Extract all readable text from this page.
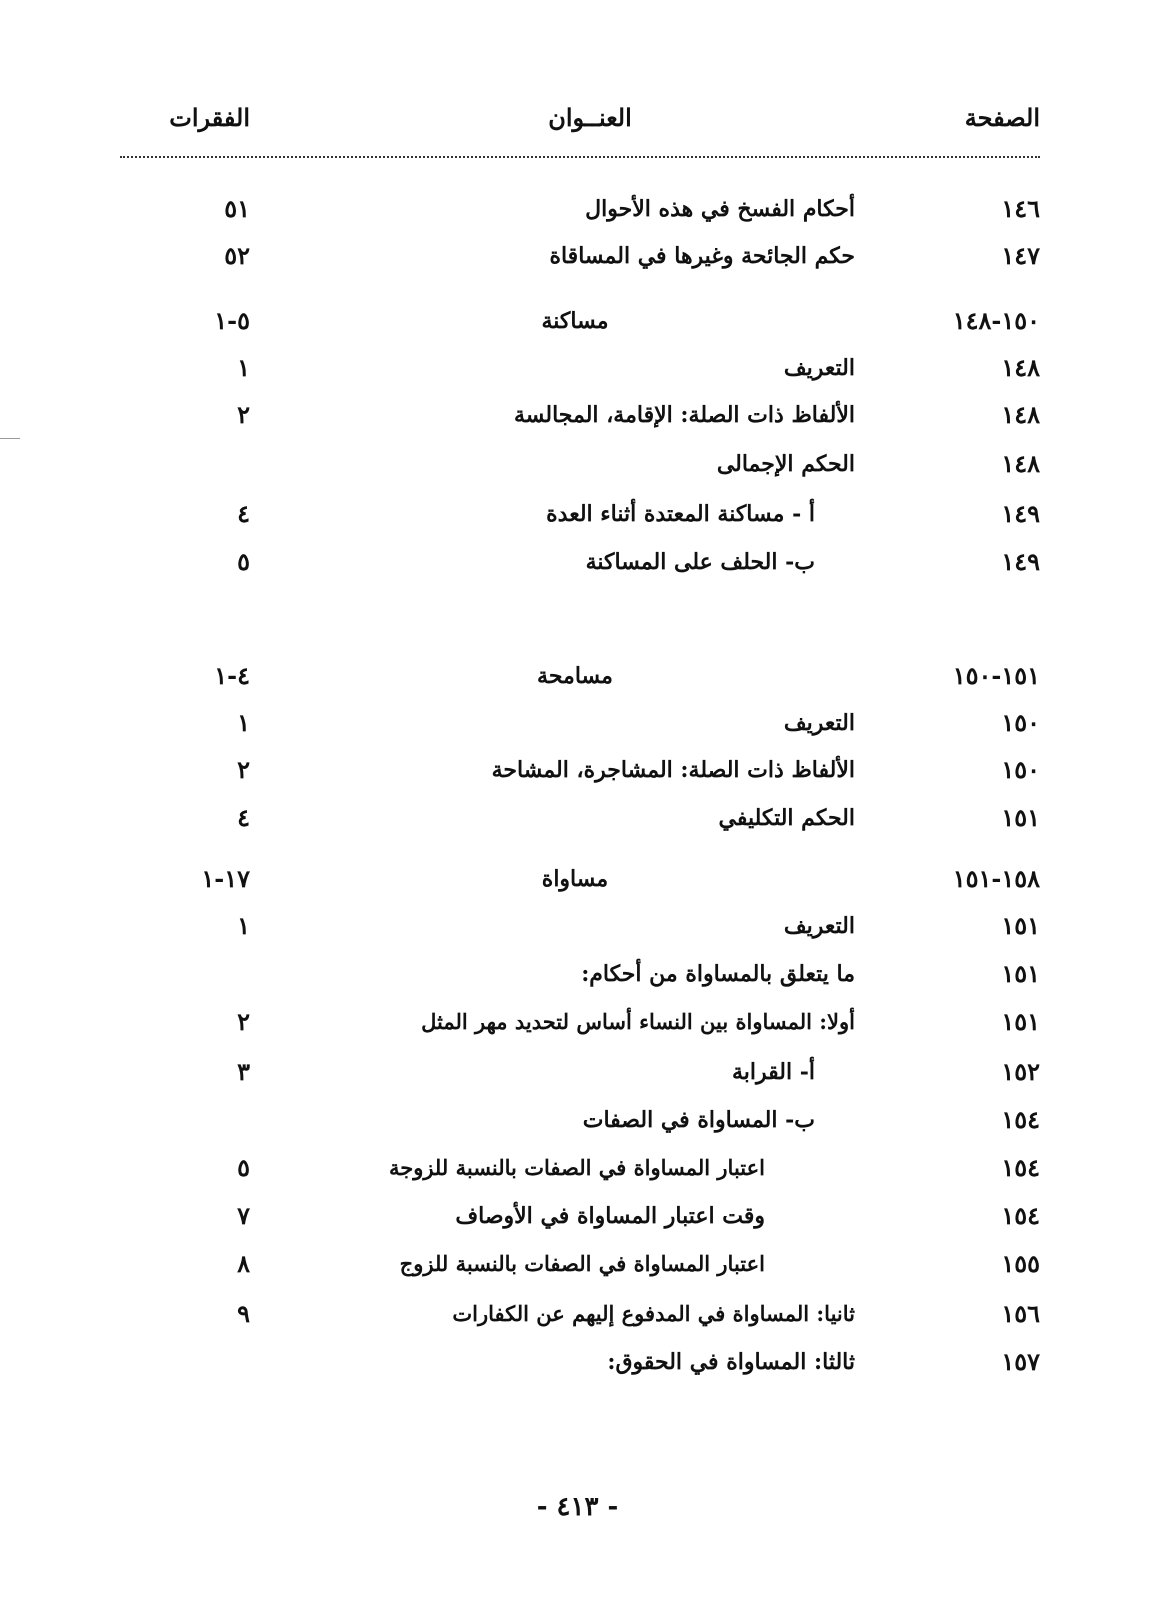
الصفحة
العنــوان
الفقرات
١٤٦
أحكام الفسخ في هذه الأحوال
٥١
١٤٧
حكم الجائحة وغيرها في المساقاة
٥٢
١٥٠-١٤٨
مساكنة
٥-١
١٤٨
التعريف
١
١٤٨
الألفاظ ذات الصلة: الإقامة، المجالسة
٢
١٤٨
الحكم الإجمالى
١٤٩
أ - مساكنة المعتدة أثناء العدة
٤
١٤٩
ب- الحلف على المساكنة
٥
١٥١-١٥٠
مسامحة
٤-١
١٥٠
التعريف
١
١٥٠
الألفاظ ذات الصلة: المشاجرة، المشاحة
٢
١٥١
الحكم التكليفي
٤
١٥٨-١٥١
مساواة
١٧-١
١٥١
التعريف
١
١٥١
ما يتعلق بالمساواة من أحكام:
١٥١
أولا: المساواة بين النساء أساس لتحديد مهر المثل
٢
١٥٢
أ- القرابة
٣
١٥٤
ب- المساواة في الصفات
١٥٤
اعتبار المساواة في الصفات بالنسبة للزوجة
٥
١٥٤
وقت اعتبار المساواة في الأوصاف
٧
١٥٥
اعتبار المساواة في الصفات بالنسبة للزوج
٨
١٥٦
ثانيا: المساواة في المدفوع إليهم عن الكفارات
٩
١٥٧
ثالثا: المساواة في الحقوق:
- ٤١٣ -
